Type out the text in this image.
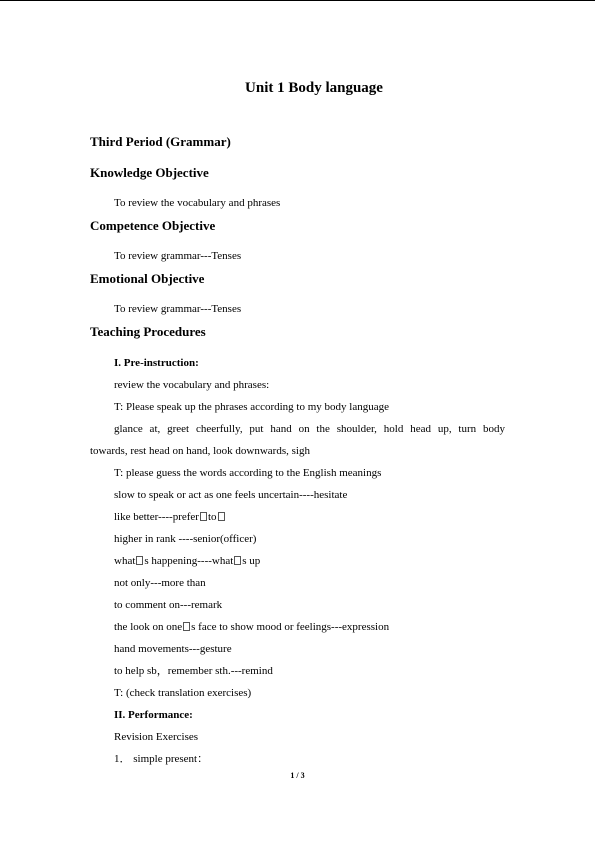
Unit 1 Body language
Third Period (Grammar)
Knowledge Objective
To review the vocabulary and phrases
Competence Objective
To review grammar---Tenses
Emotional Objective
To review grammar---Tenses
Teaching Procedures
I. Pre-instruction:
review the vocabulary and phrases:
T: Please speak up the phrases according to my body language
glance at, greet cheerfully, put hand on the shoulder, hold head up, turn body
towards, rest head on hand, look downwards, sigh
T: please guess the words according to the English meanings
slow to speak or act as one feels uncertain----hesitate
like better----prefer to
higher in rank ----senior(officer)
what s happening----what s up
not only---more than
to comment on---remark
the look on one s face to show mood or feelings---expression
hand movements---gesture
to help sb，remember sth.---remind
T: (check translation exercises)
II. Performance:
Revision Exercises
1． simple present：
1 / 3
